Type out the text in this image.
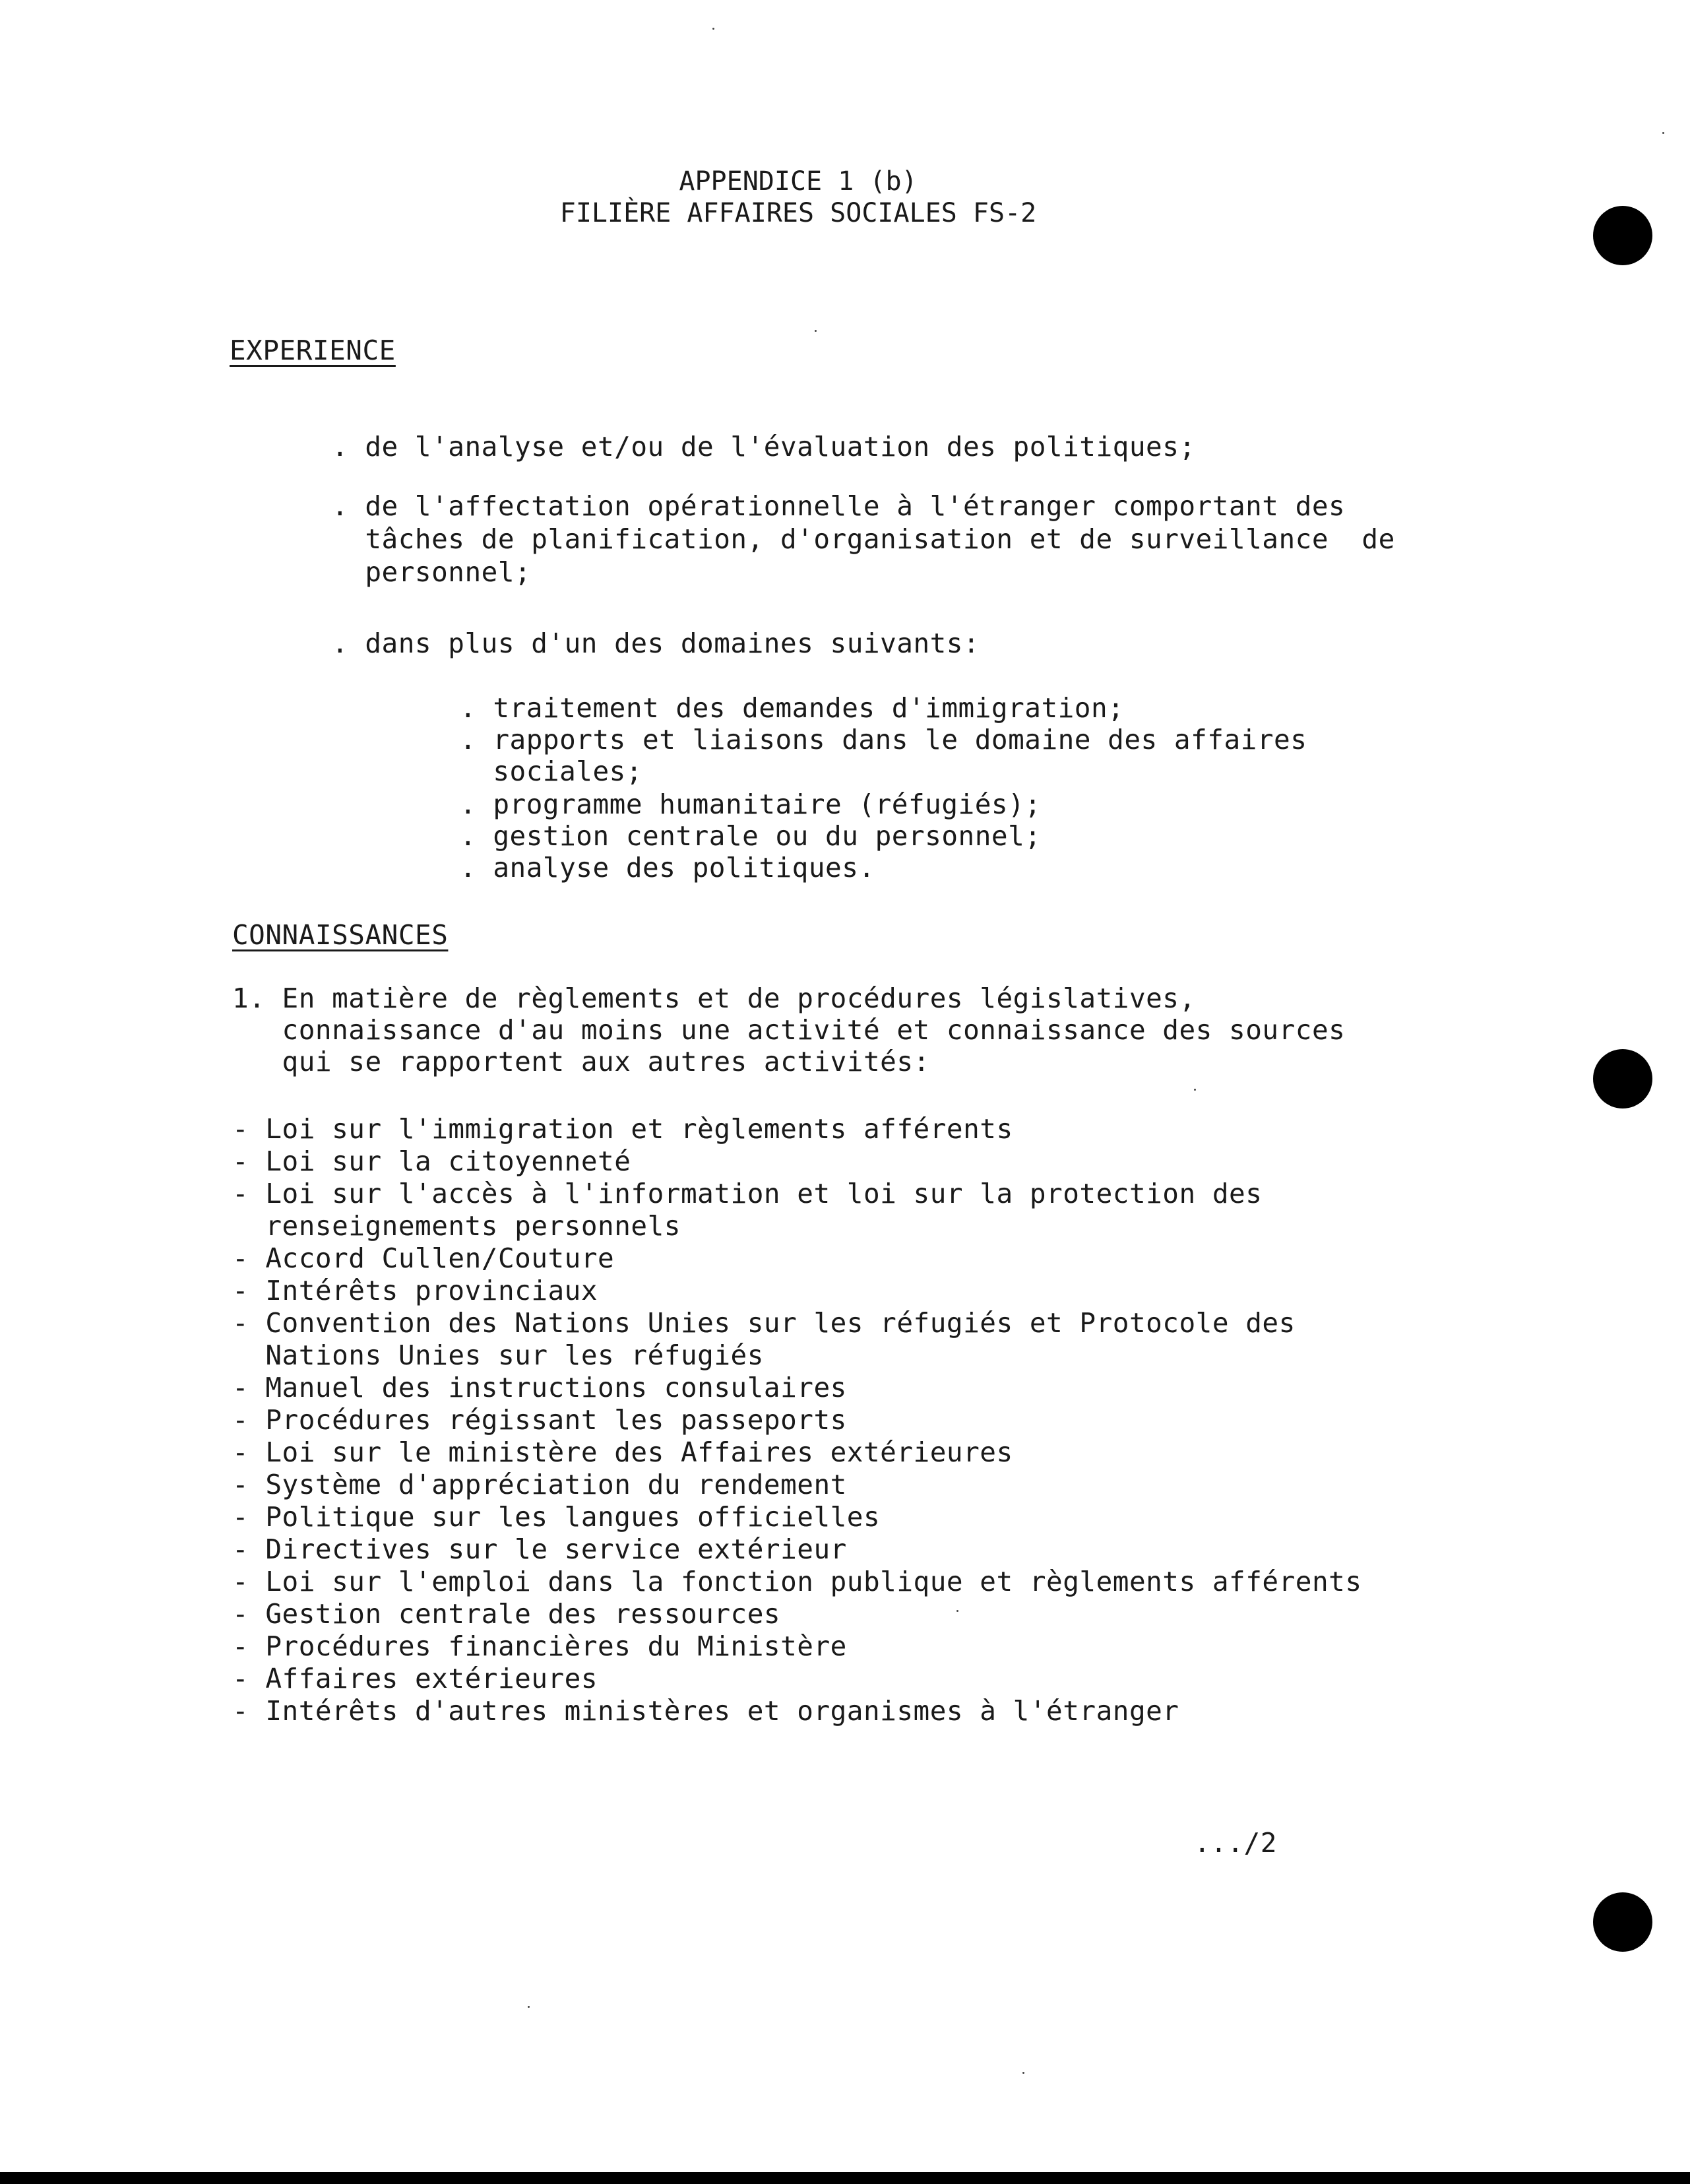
APPENDICE 1 (b)
FILIÈRE AFFAIRES SOCIALES FS-2
EXPERIENCE
. de l'analyse et/ou de l'évaluation des politiques;
. de l'affectation opérationnelle à l'étranger comportant des
tâches de planification, d'organisation et de surveillance  de
personnel;
. dans plus d'un des domaines suivants:
. traitement des demandes d'immigration;
. rapports et liaisons dans le domaine des affaires
sociales;
. programme humanitaire (réfugiés);
. gestion centrale ou du personnel;
. analyse des politiques.
CONNAISSANCES
1. En matière de règlements et de procédures législatives,
connaissance d'au moins une activité et connaissance des sources
qui se rapportent aux autres activités:
- Loi sur l'immigration et règlements afférents
- Loi sur la citoyenneté
- Loi sur l'accès à l'information et loi sur la protection des
renseignements personnels
- Accord Cullen/Couture
- Intérêts provinciaux
- Convention des Nations Unies sur les réfugiés et Protocole des
Nations Unies sur les réfugiés
- Manuel des instructions consulaires
- Procédures régissant les passeports
- Loi sur le ministère des Affaires extérieures
- Système d'appréciation du rendement
- Politique sur les langues officielles
- Directives sur le service extérieur
- Loi sur l'emploi dans la fonction publique et règlements afférents
- Gestion centrale des ressources
- Procédures financières du Ministère
- Affaires extérieures
- Intérêts d'autres ministères et organismes à l'étranger
.../2
